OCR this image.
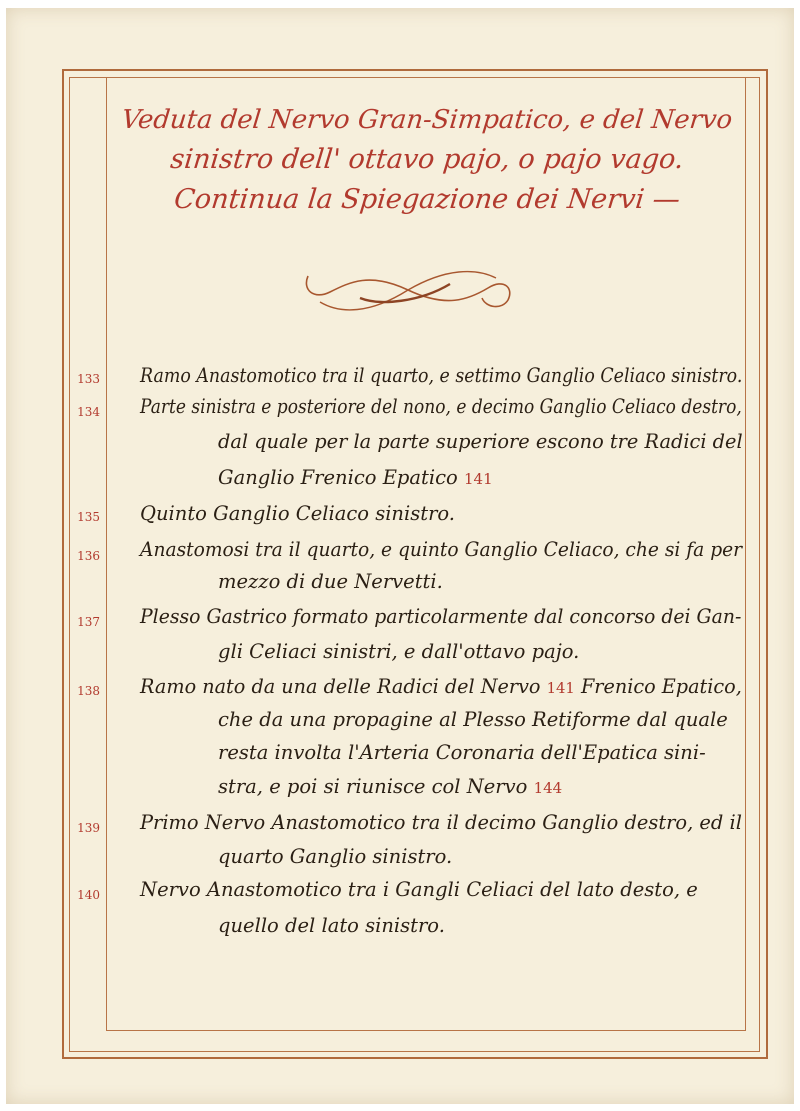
Veduta del Nervo Gran-Simpatico, e del Nervo
sinistro dell' ottavo pajo, o pajo vago.
Continua la Spiegazione dei Nervi —
133 Ramo Anastomotico tra il quarto, e settimo Ganglio Celiaco sinistro.
134 Parte sinistra e posteriore del nono, e decimo Ganglio Celiaco destro,
dal quale per la parte superiore escono tre Radici del
Ganglio Frenico Epatico 141
135 Quinto Ganglio Celiaco sinistro.
136 Anastomosi tra il quarto, e quinto Ganglio Celiaco, che si fa per
mezzo di due Nervetti.
137 Plesso Gastrico formato particolarmente dal concorso dei Gan-
gli Celiaci sinistri, e dall'ottavo pajo.
138 Ramo nato da una delle Radici del Nervo 141 Frenico Epatico,
che da una propagine al Plesso Retiforme dal quale
resta involta l'Arteria Coronaria dell'Epatica sini-
stra, e poi si riunisce col Nervo 144
139 Primo Nervo Anastomotico tra il decimo Ganglio destro, ed il
quarto Ganglio sinistro.
140 Nervo Anastomotico tra i Gangli Celiaci del lato desto, e
quello del lato sinistro.
